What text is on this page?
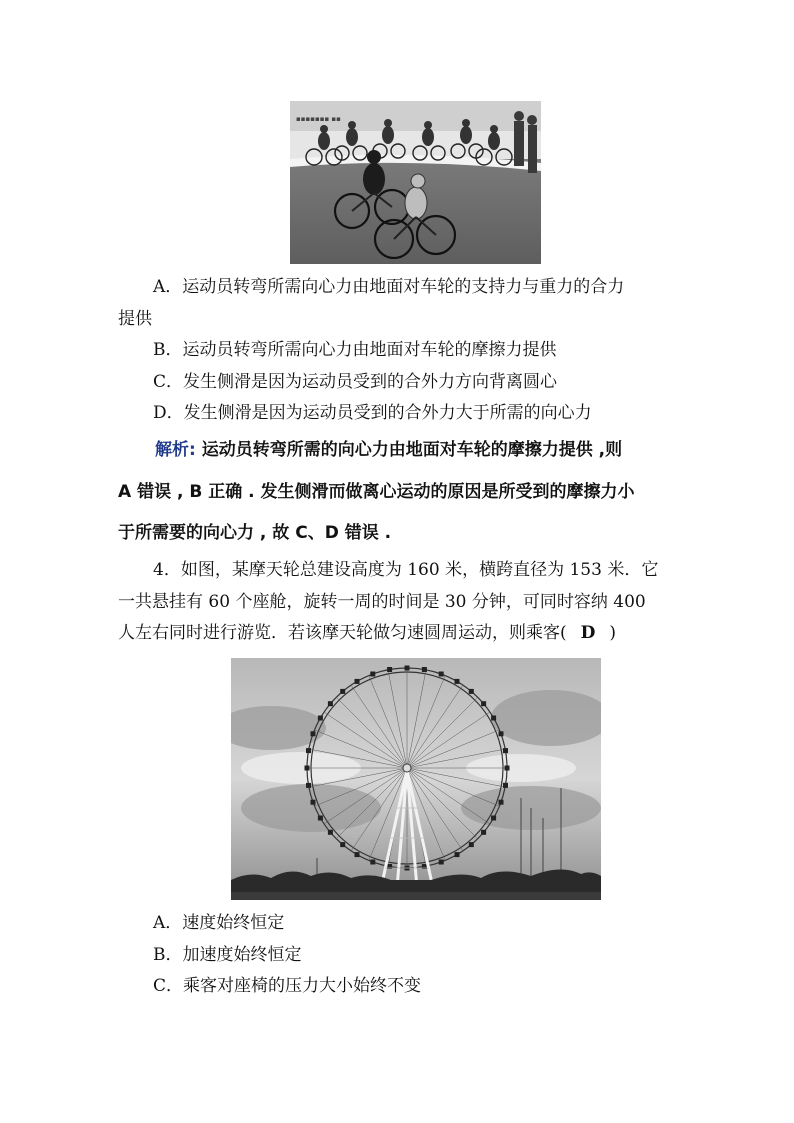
▪▪▪▪▪▪▪ ▪▪
A．运动员转弯所需向心力由地面对车轮的支持力与重力的合力
提供
B．运动员转弯所需向心力由地面对车轮的摩擦力提供
C．发生侧滑是因为运动员受到的合外力方向背离圆心
D．发生侧滑是因为运动员受到的合外力大于所需的向心力
解析: 运动员转弯所需的向心力由地面对车轮的摩擦力提供 ,则
A 错误 , B 正确 . 发生侧滑而做离心运动的原因是所受到的摩擦力小
于所需要的向心力 , 故 C、D 错误 .
4．如图，某摩天轮总建设高度为 160 米，横跨直径为 153 米．它
一共悬挂有 60 个座舱，旋转一周的时间是 30 分钟，可同时容纳 400
人左右同时进行游览．若该摩天轮做匀速圆周运动，则乘客( D )
A．速度始终恒定
B．加速度始终恒定
C．乘客对座椅的压力大小始终不变
